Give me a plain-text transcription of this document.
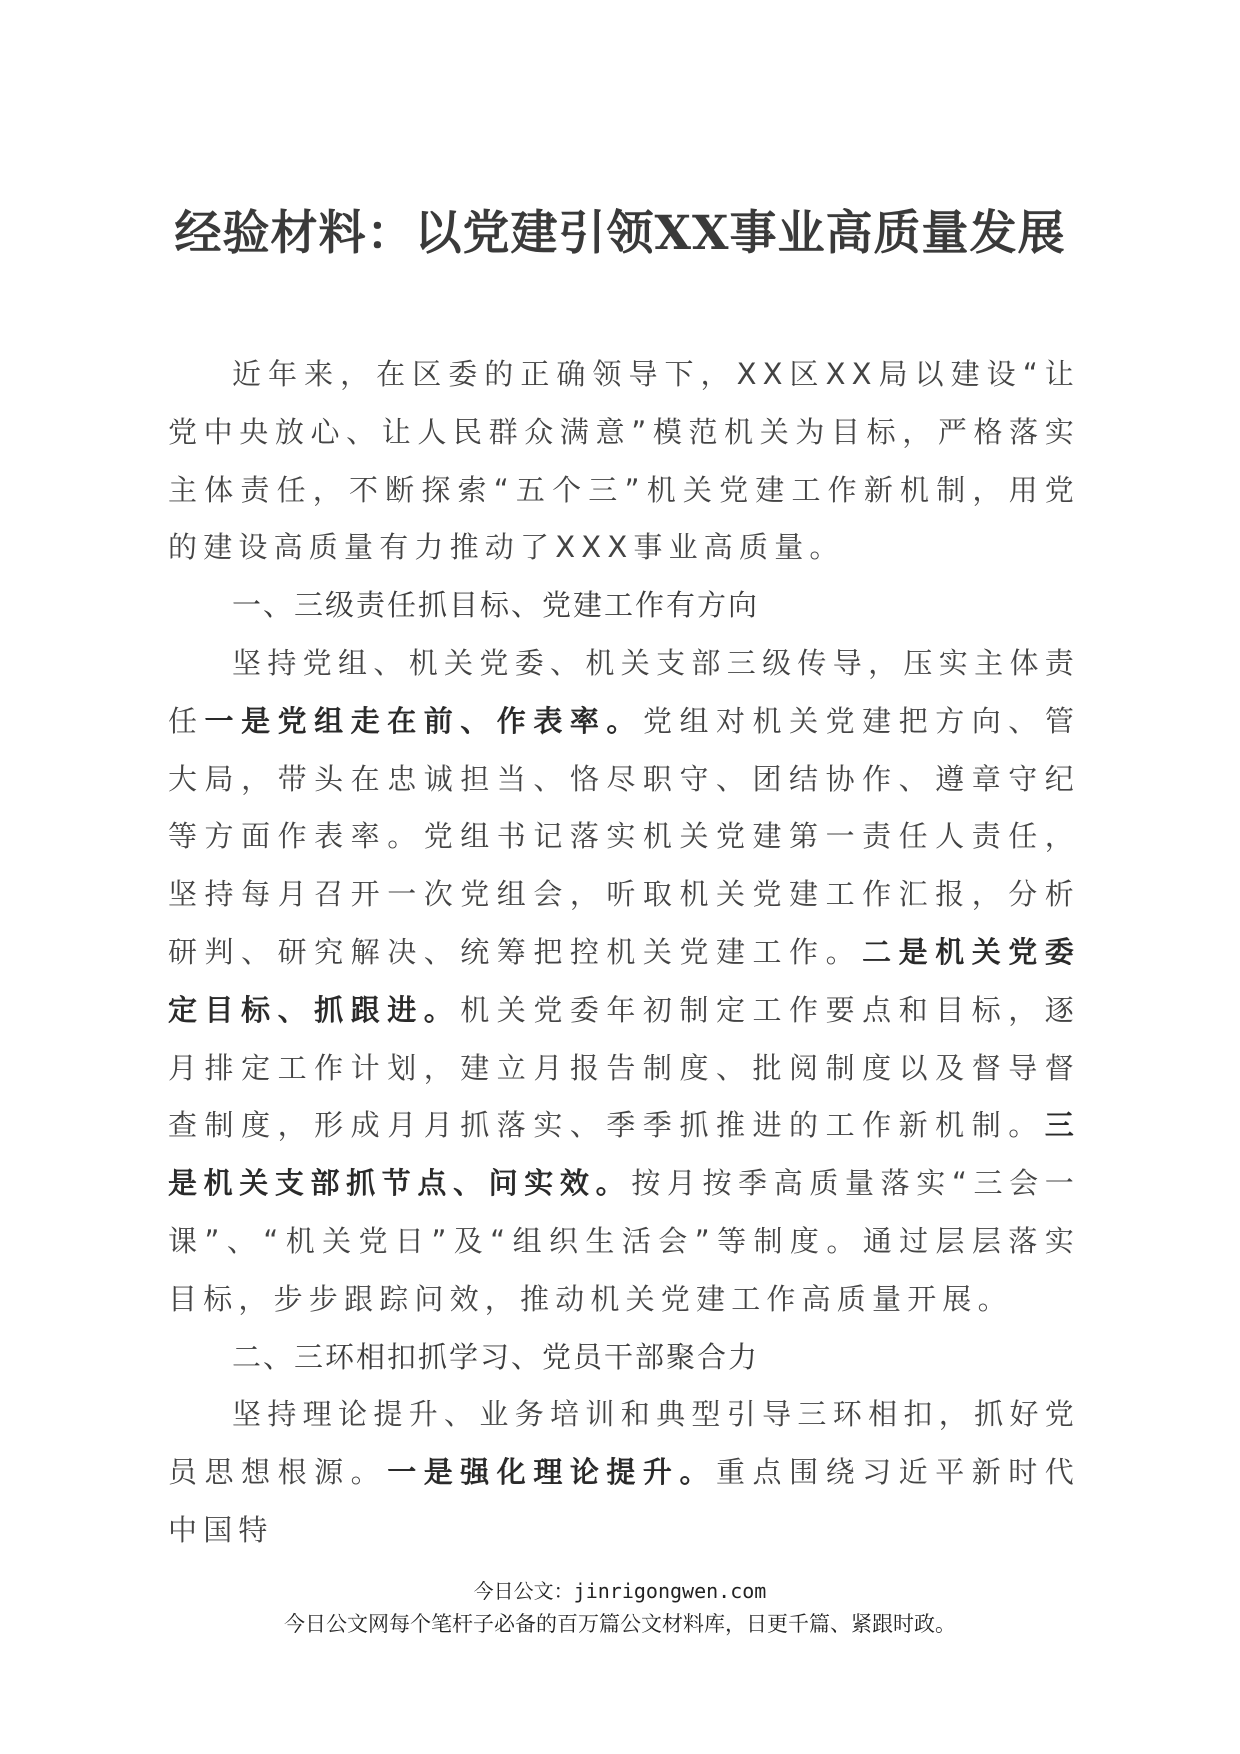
经验材料：以党建引领XX事业高质量发展

近年来，在区委的正确领导下，XX区XX局以建设“让党中央放心、让人民群众满意”模范机关为目标，严格落实主体责任，不断探索“五个三”机关党建工作新机制，用党的建设高质量有力推动了XXX事业高质量。

一、三级责任抓目标、党建工作有方向

坚持党组、机关党委、机关支部三级传导，压实主体责任一是党组走在前、作表率。党组对机关党建把方向、管大局，带头在忠诚担当、恪尽职守、团结协作、遵章守纪等方面作表率。党组书记落实机关党建第一责任人责任，坚持每月召开一次党组会，听取机关党建工作汇报，分析研判、研究解决、统筹把控机关党建工作。二是机关党委定目标、抓跟进。机关党委年初制定工作要点和目标，逐月排定工作计划，建立月报告制度、批阅制度以及督导督查制度，形成月月抓落实、季季抓推进的工作新机制。三是机关支部抓节点、问实效。按月按季高质量落实“三会一课”、“机关党日”及“组织生活会”等制度。通过层层落实目标，步步跟踪问效，推动机关党建工作高质量开展。

二、三环相扣抓学习、党员干部聚合力

坚持理论提升、业务培训和典型引导三环相扣，抓好党员思想根源。一是强化理论提升。重点围绕习近平新时代中国特

今日公文：jinrigongwen.com
今日公文网每个笔杆子必备的百万篇公文材料库，日更千篇、紧跟时政。
